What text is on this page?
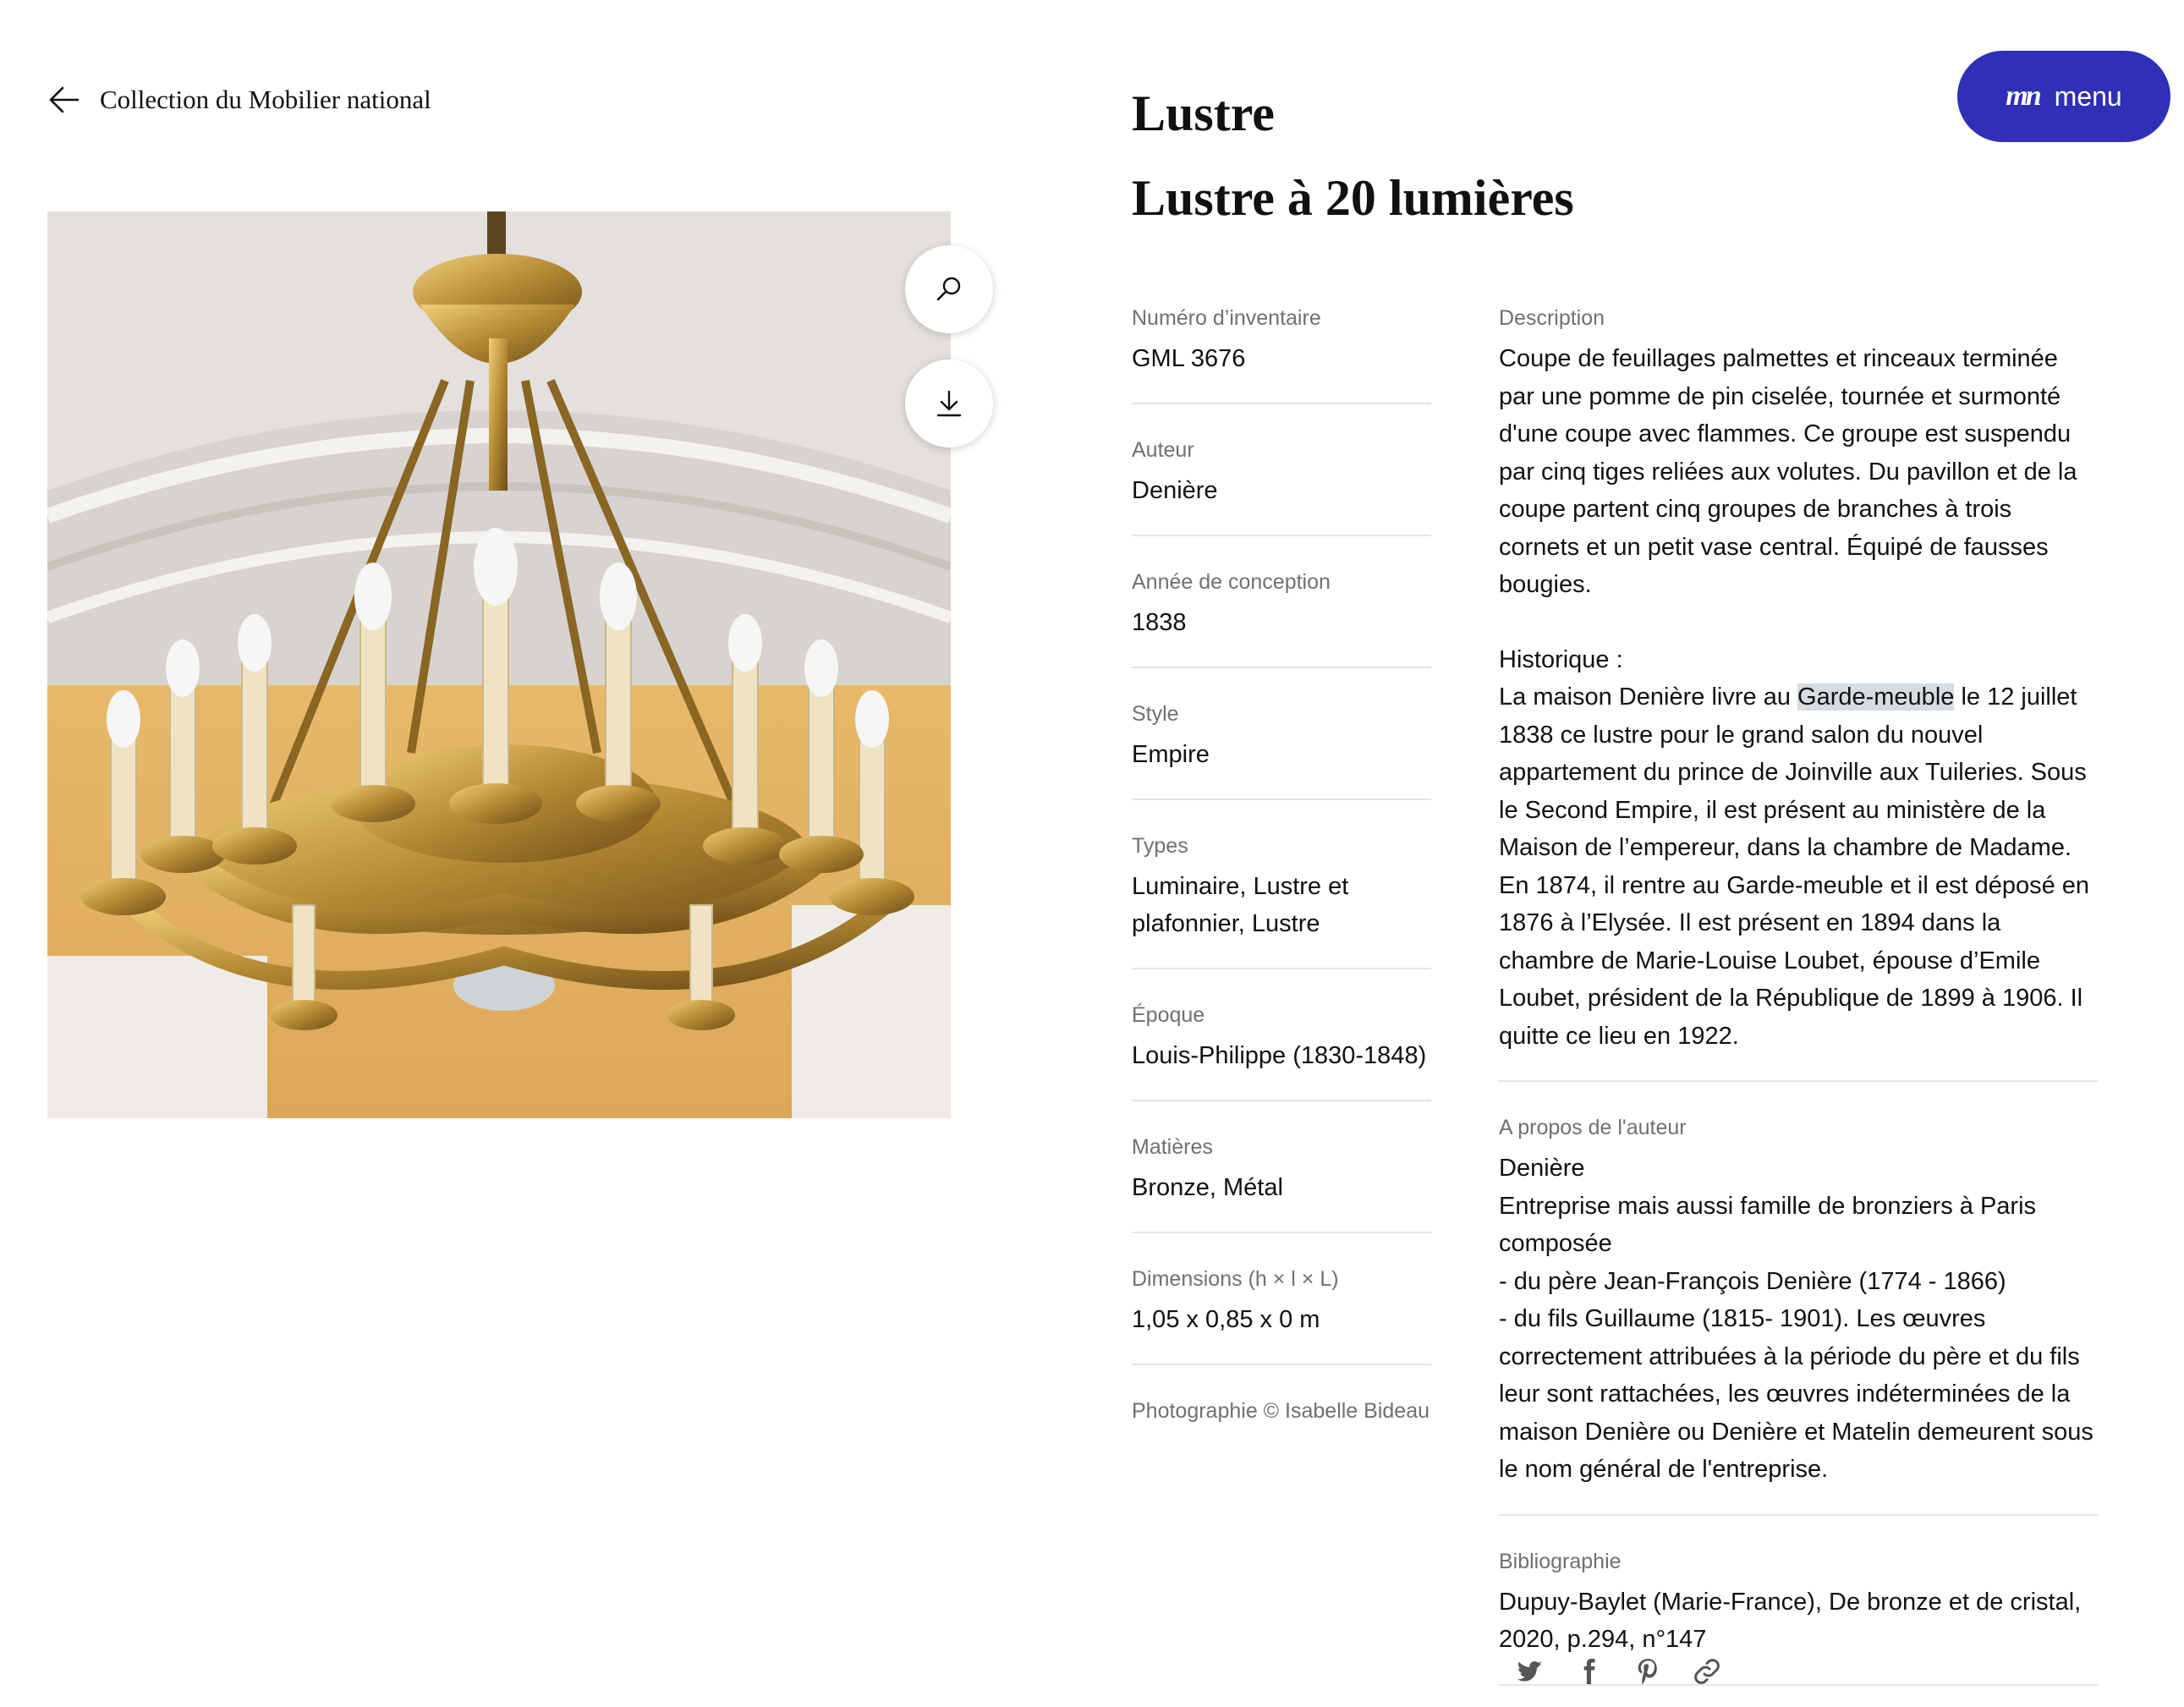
Collection du Mobilier national	mn menu
Lustre
Lustre à 20 lumières
Numéro d’inventaire
GML 3676
Auteur
Denière
Année de conception
1838
Style
Empire
Types
Luminaire, Lustre et plafonnier, Lustre
Époque
Louis-Philippe (1830-1848)
Matières
Bronze, Métal
Dimensions (h × l × L)
1,05 x 0,85 x 0 m
Photographie © Isabelle Bideau
Description
Coupe de feuillages palmettes et rinceaux terminée par une pomme de pin ciselée, tournée et surmonté d'une coupe avec flammes. Ce groupe est suspendu par cinq tiges reliées aux volutes. Du pavillon et de la coupe partent cinq groupes de branches à trois cornets et un petit vase central. Équipé de fausses bougies.
Historique :
La maison Denière livre au Garde-meuble le 12 juillet 1838 ce lustre pour le grand salon du nouvel appartement du prince de Joinville aux Tuileries. Sous le Second Empire, il est présent au ministère de la Maison de l’empereur, dans la chambre de Madame. En 1874, il rentre au Garde-meuble et il est déposé en 1876 à l’Elysée. Il est présent en 1894 dans la chambre de Marie-Louise Loubet, épouse d’Emile Loubet, président de la République de 1899 à 1906. Il quitte ce lieu en 1922.
A propos de l'auteur
Denière
Entreprise mais aussi famille de bronziers à Paris composée
- du père Jean-François Denière (1774 - 1866)
- du fils Guillaume (1815- 1901). Les œuvres correctement attribuées à la période du père et du fils leur sont rattachées, les œuvres indéterminées de la maison Denière ou Denière et Matelin demeurent sous le nom général de l'entreprise.
Bibliographie
Dupuy-Baylet (Marie-France), De bronze et de cristal, 2020, p.294, n°147
